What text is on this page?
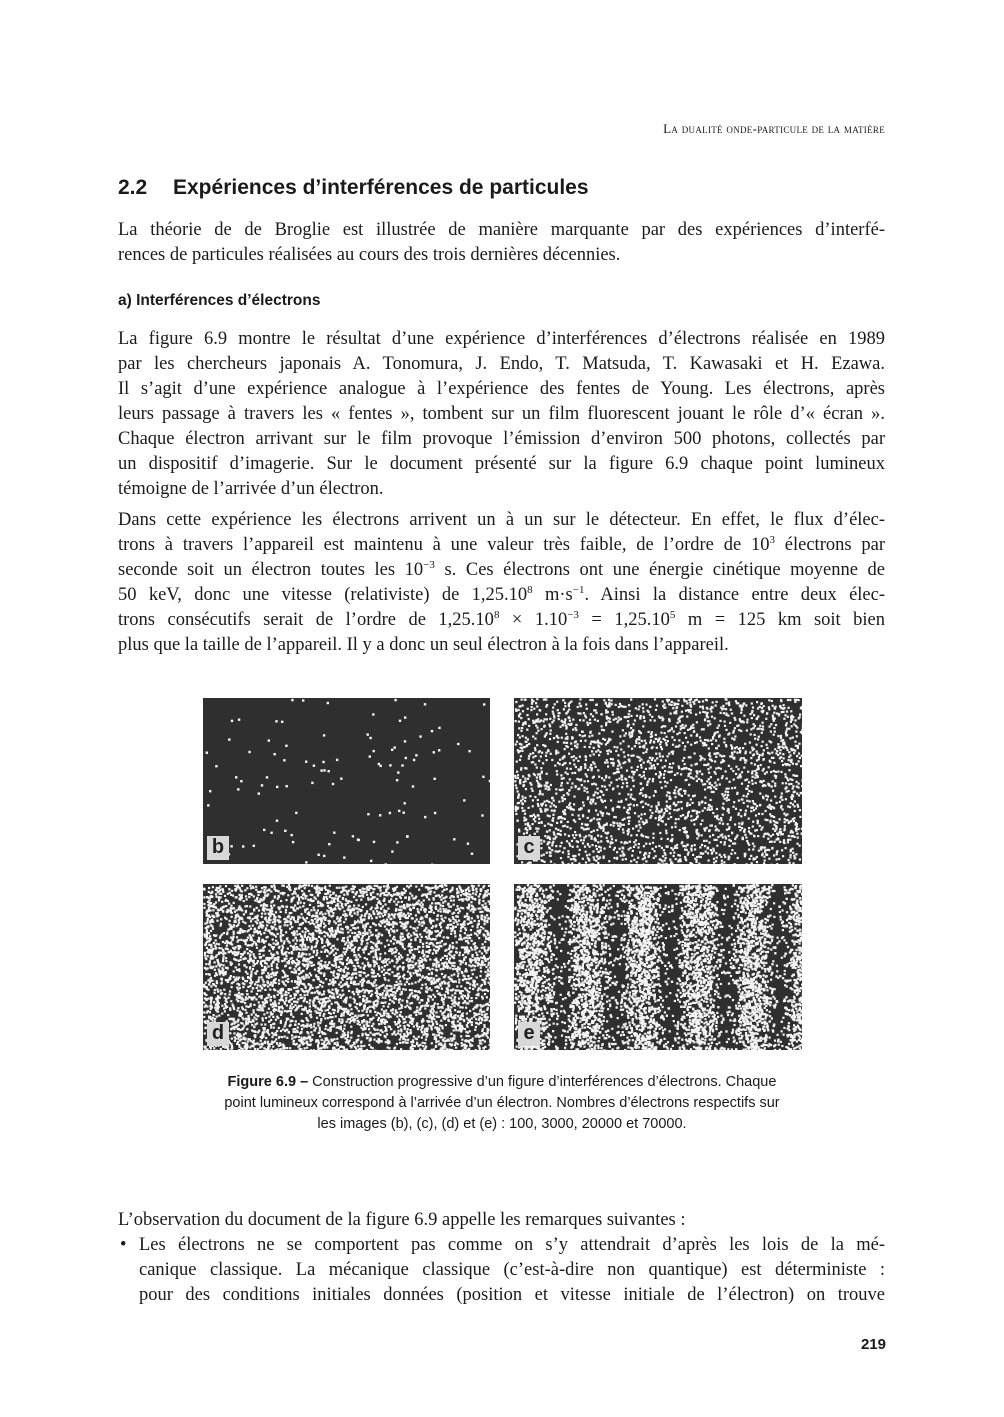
La dualité onde-particule de la matière
2.2 Expériences d’interférences de particules

La théorie de de Broglie est illustrée de manière marquante par des expériences d’interfé-
rences de particules réalisées au cours des trois dernières décennies.

a) Interférences d’électrons

La figure 6.9 montre le résultat d’une expérience d’interférences d’électrons réalisée en 1989
par les chercheurs japonais A. Tonomura, J. Endo, T. Matsuda, T. Kawasaki et H. Ezawa.
Il s’agit d’une expérience analogue à l’expérience des fentes de Young. Les électrons, après
leurs passage à travers les « fentes », tombent sur un film fluorescent jouant le rôle d’« écran ».
Chaque électron arrivant sur le film provoque l’émission d’environ 500 photons, collectés par
un dispositif d’imagerie. Sur le document présenté sur la figure 6.9 chaque point lumineux
témoigne de l’arrivée d’un électron.

Dans cette expérience les électrons arrivent un à un sur le détecteur. En effet, le flux d’élec-
trons à travers l’appareil est maintenu à une valeur très faible, de l’ordre de $10^3$ électrons par
seconde soit un électron toutes les $10^{-3}$ s. Ces électrons ont une énergie cinétique moyenne de
50 keV, donc une vitesse (relativiste) de 1,25.10$^8$ $m\cdot s^{-1}$. Ainsi la distance entre deux élec-
trons consécutifs serait de l’ordre de $1,25.10^8 \times 1.10^{-3} = 1,25.10^5$ m = 125 km soit bien
plus que la taille de l’appareil. Il y a donc un seul électron à la fois dans l’appareil.

b	c
d	e

Figure 6.9 – Construction progressive d’un figure d’interférences d’électrons. Chaque
point lumineux correspond à l’arrivée d’un électron. Nombres d’électrons respectifs sur
les images (b), (c), (d) et (e) : 100, 3000, 20000 et 70000.

L’observation du document de la figure 6.9 appelle les remarques suivantes :

• Les électrons ne se comportent pas comme on s’y attendrait d’après les lois de la mé-
canique classique. La mécanique classique (c’est-à-dire non quantique) est déterministe :
pour des conditions initiales données (position et vitesse initiale de l’électron) on trouve
219
